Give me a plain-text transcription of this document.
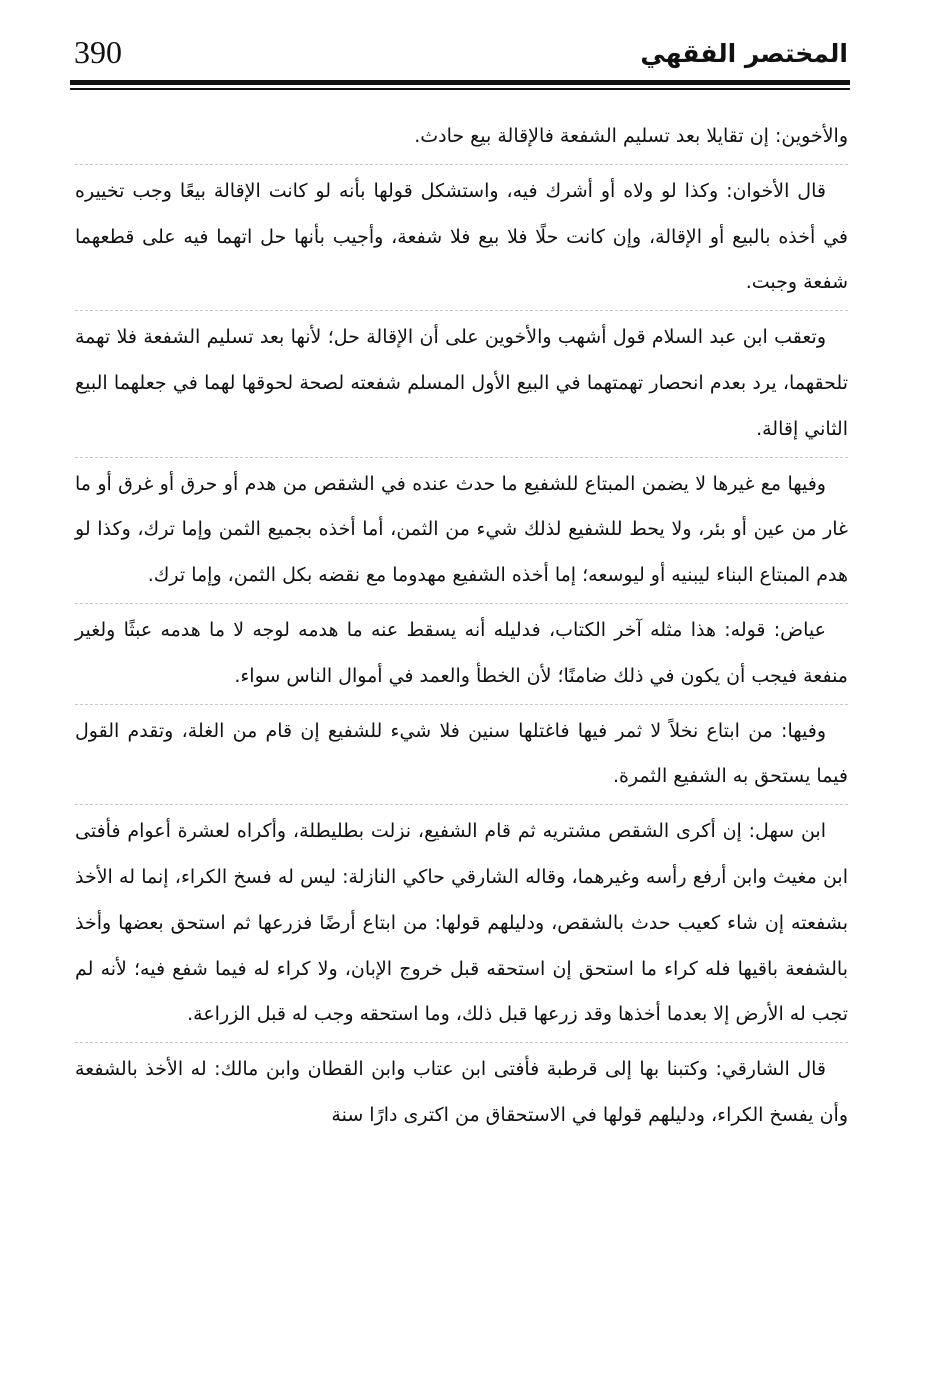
390	المختصر الفقهي

والأخوين: إن تقايلا بعد تسليم الشفعة فالإقالة بيع حادث.

قال الأخوان: وكذا لو ولاه أو أشرك فيه، واستشكل قولها بأنه لو كانت الإقالة بيعًا وجب تخييره في أخذه بالبيع أو الإقالة، وإن كانت حلًا فلا بيع فلا شفعة، وأجيب بأنها حل اتهما فيه على قطعهما شفعة وجبت.

وتعقب ابن عبد السلام قول أشهب والأخوين على أن الإقالة حل؛ لأنها بعد تسليم الشفعة فلا تهمة تلحقهما، يرد بعدم انحصار تهمتهما في البيع الأول المسلم شفعته لصحة لحوقها لهما في جعلهما البيع الثاني إقالة.

وفيها مع غيرها لا يضمن المبتاع للشفيع ما حدث عنده في الشقص من هدم أو حرق أو غرق أو ما غار من عين أو بئر، ولا يحط للشفيع لذلك شيء من الثمن، أما أخذه بجميع الثمن وإما ترك، وكذا لو هدم المبتاع البناء ليبنيه أو ليوسعه؛ إما أخذه الشفيع مهدوما مع نقضه بكل الثمن، وإما ترك.

عياض: قوله: هذا مثله آخر الكتاب، فدليله أنه يسقط عنه ما هدمه لوجه لا ما هدمه عبثًا ولغير منفعة فيجب أن يكون في ذلك ضامنًا؛ لأن الخطأ والعمد في أموال الناس سواء.

وفيها: من ابتاع نخلاً لا ثمر فيها فاغتلها سنين فلا شيء للشفيع إن قام من الغلة، وتقدم القول فيما يستحق به الشفيع الثمرة.

ابن سهل: إن أكرى الشقص مشتريه ثم قام الشفيع، نزلت بطليطلة، وأكراه لعشرة أعوام فأفتى ابن مغيث وابن أرفع رأسه وغيرهما، وقاله الشارقي حاكي النازلة: ليس له فسخ الكراء، إنما له الأخذ بشفعته إن شاء كعيب حدث بالشقص، ودليلهم قولها: من ابتاع أرضًا فزرعها ثم استحق بعضها وأخذ بالشفعة باقيها فله كراء ما استحق إن استحقه قبل خروج الإبان، ولا كراء له فيما شفع فيه؛ لأنه لم تجب له الأرض إلا بعدما أخذها وقد زرعها قبل ذلك، وما استحقه وجب له قبل الزراعة.

قال الشارقي: وكتبنا بها إلى قرطبة فأفتى ابن عتاب وابن القطان وابن مالك: له الأخذ بالشفعة وأن يفسخ الكراء، ودليلهم قولها في الاستحقاق من اكترى دارًا سنة
